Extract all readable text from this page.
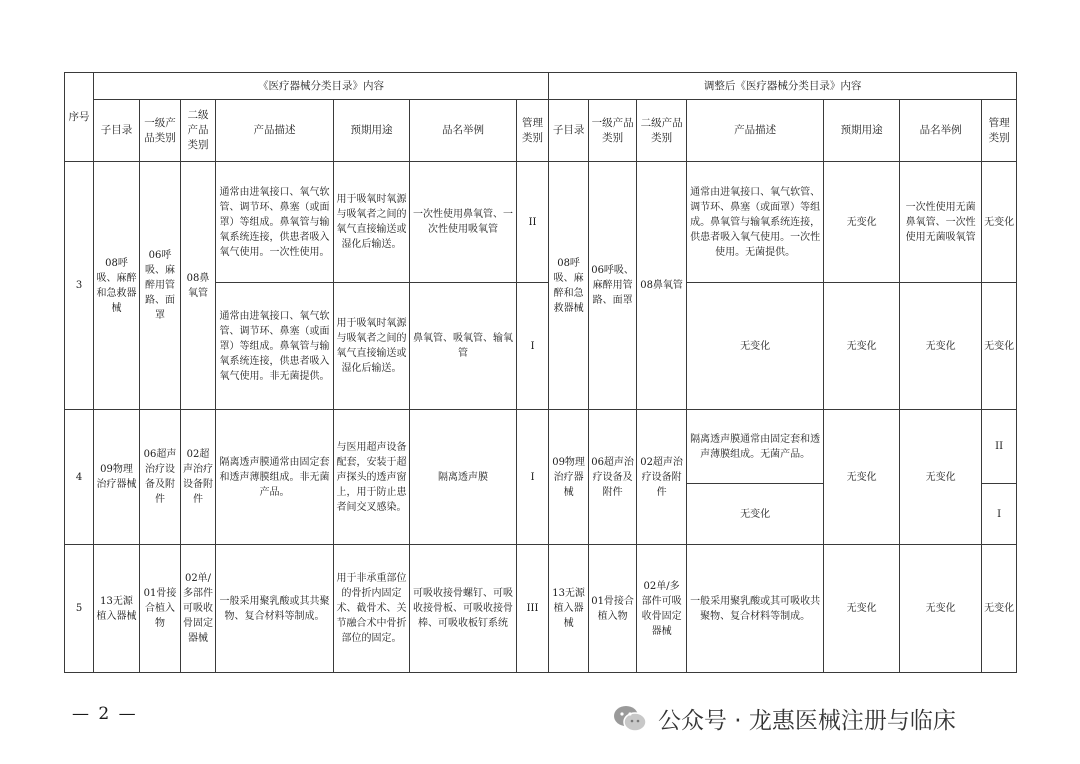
序号	《医疗器械分类目录》内容							调整后《医疗器械分类目录》内容						
	子目录	一级产品类别	二级产品类别	产品描述	预期用途	品名举例	管理类别	子目录	一级产品类别	二级产品类别	产品描述	预期用途	品名举例	管理类别
3	08呼吸、麻醉和急救器械	06呼吸、麻醉用管路、面罩	08鼻氧管	通常由进氧接口、氧气软管、调节环、鼻塞（或面罩）等组成。鼻氧管与输氧系统连接，供患者吸入氧气使用。一次性使用。	用于吸氧时氧源与吸氧者之间的氧气直接输送或湿化后输送。	一次性使用鼻氧管、一次性使用吸氧管	II	08呼吸、麻醉和急救器械	06呼吸、麻醉用管路、面罩	08鼻氧管	通常由进氧接口、氧气软管、调节环、鼻塞（或面罩）等组成。鼻氧管与输氧系统连接，供患者吸入氧气使用。一次性使用。无菌提供。	无变化	一次性使用无菌鼻氧管、一次性使用无菌吸氧管	无变化
				通常由进氧接口、氧气软管、调节环、鼻塞（或面罩）等组成。鼻氧管与输氧系统连接，供患者吸入氧气使用。非无菌提供。	用于吸氧时氧源与吸氧者之间的氧气直接输送或湿化后输送。	鼻氧管、吸氧管、输氧管	I				无变化	无变化	无变化	无变化
4	09物理治疗器械	06超声治疗设备及附件	02超声治疗设备附件	隔离透声膜通常由固定套和透声薄膜组成。非无菌产品。	与医用超声设备配套，安装于超声探头的透声窗上，用于防止患者间交叉感染。	隔离透声膜	I	09物理治疗器械	06超声治疗设备及附件	02超声治疗设备附件	隔离透声膜通常由固定套和透声薄膜组成。无菌产品。	无变化	无变化	II
											无变化			I
5	13无源植入器械	01骨接合植入物	02单/多部件可吸收骨固定器械	一般采用聚乳酸或其共聚物、复合材料等制成。	用于非承重部位的骨折内固定术、截骨术、关节融合术中骨折部位的固定。	可吸收接骨螺钉、可吸收接骨板、可吸收接骨棒、可吸收板钉系统	III	13无源植入器械	01骨接合植入物	02单/多部件可吸收骨固定器械	一般采用聚乳酸或其可吸收共聚物、复合材料等制成。	无变化	无变化	无变化
— 2 —	公众号 · 龙惠医械注册与临床
